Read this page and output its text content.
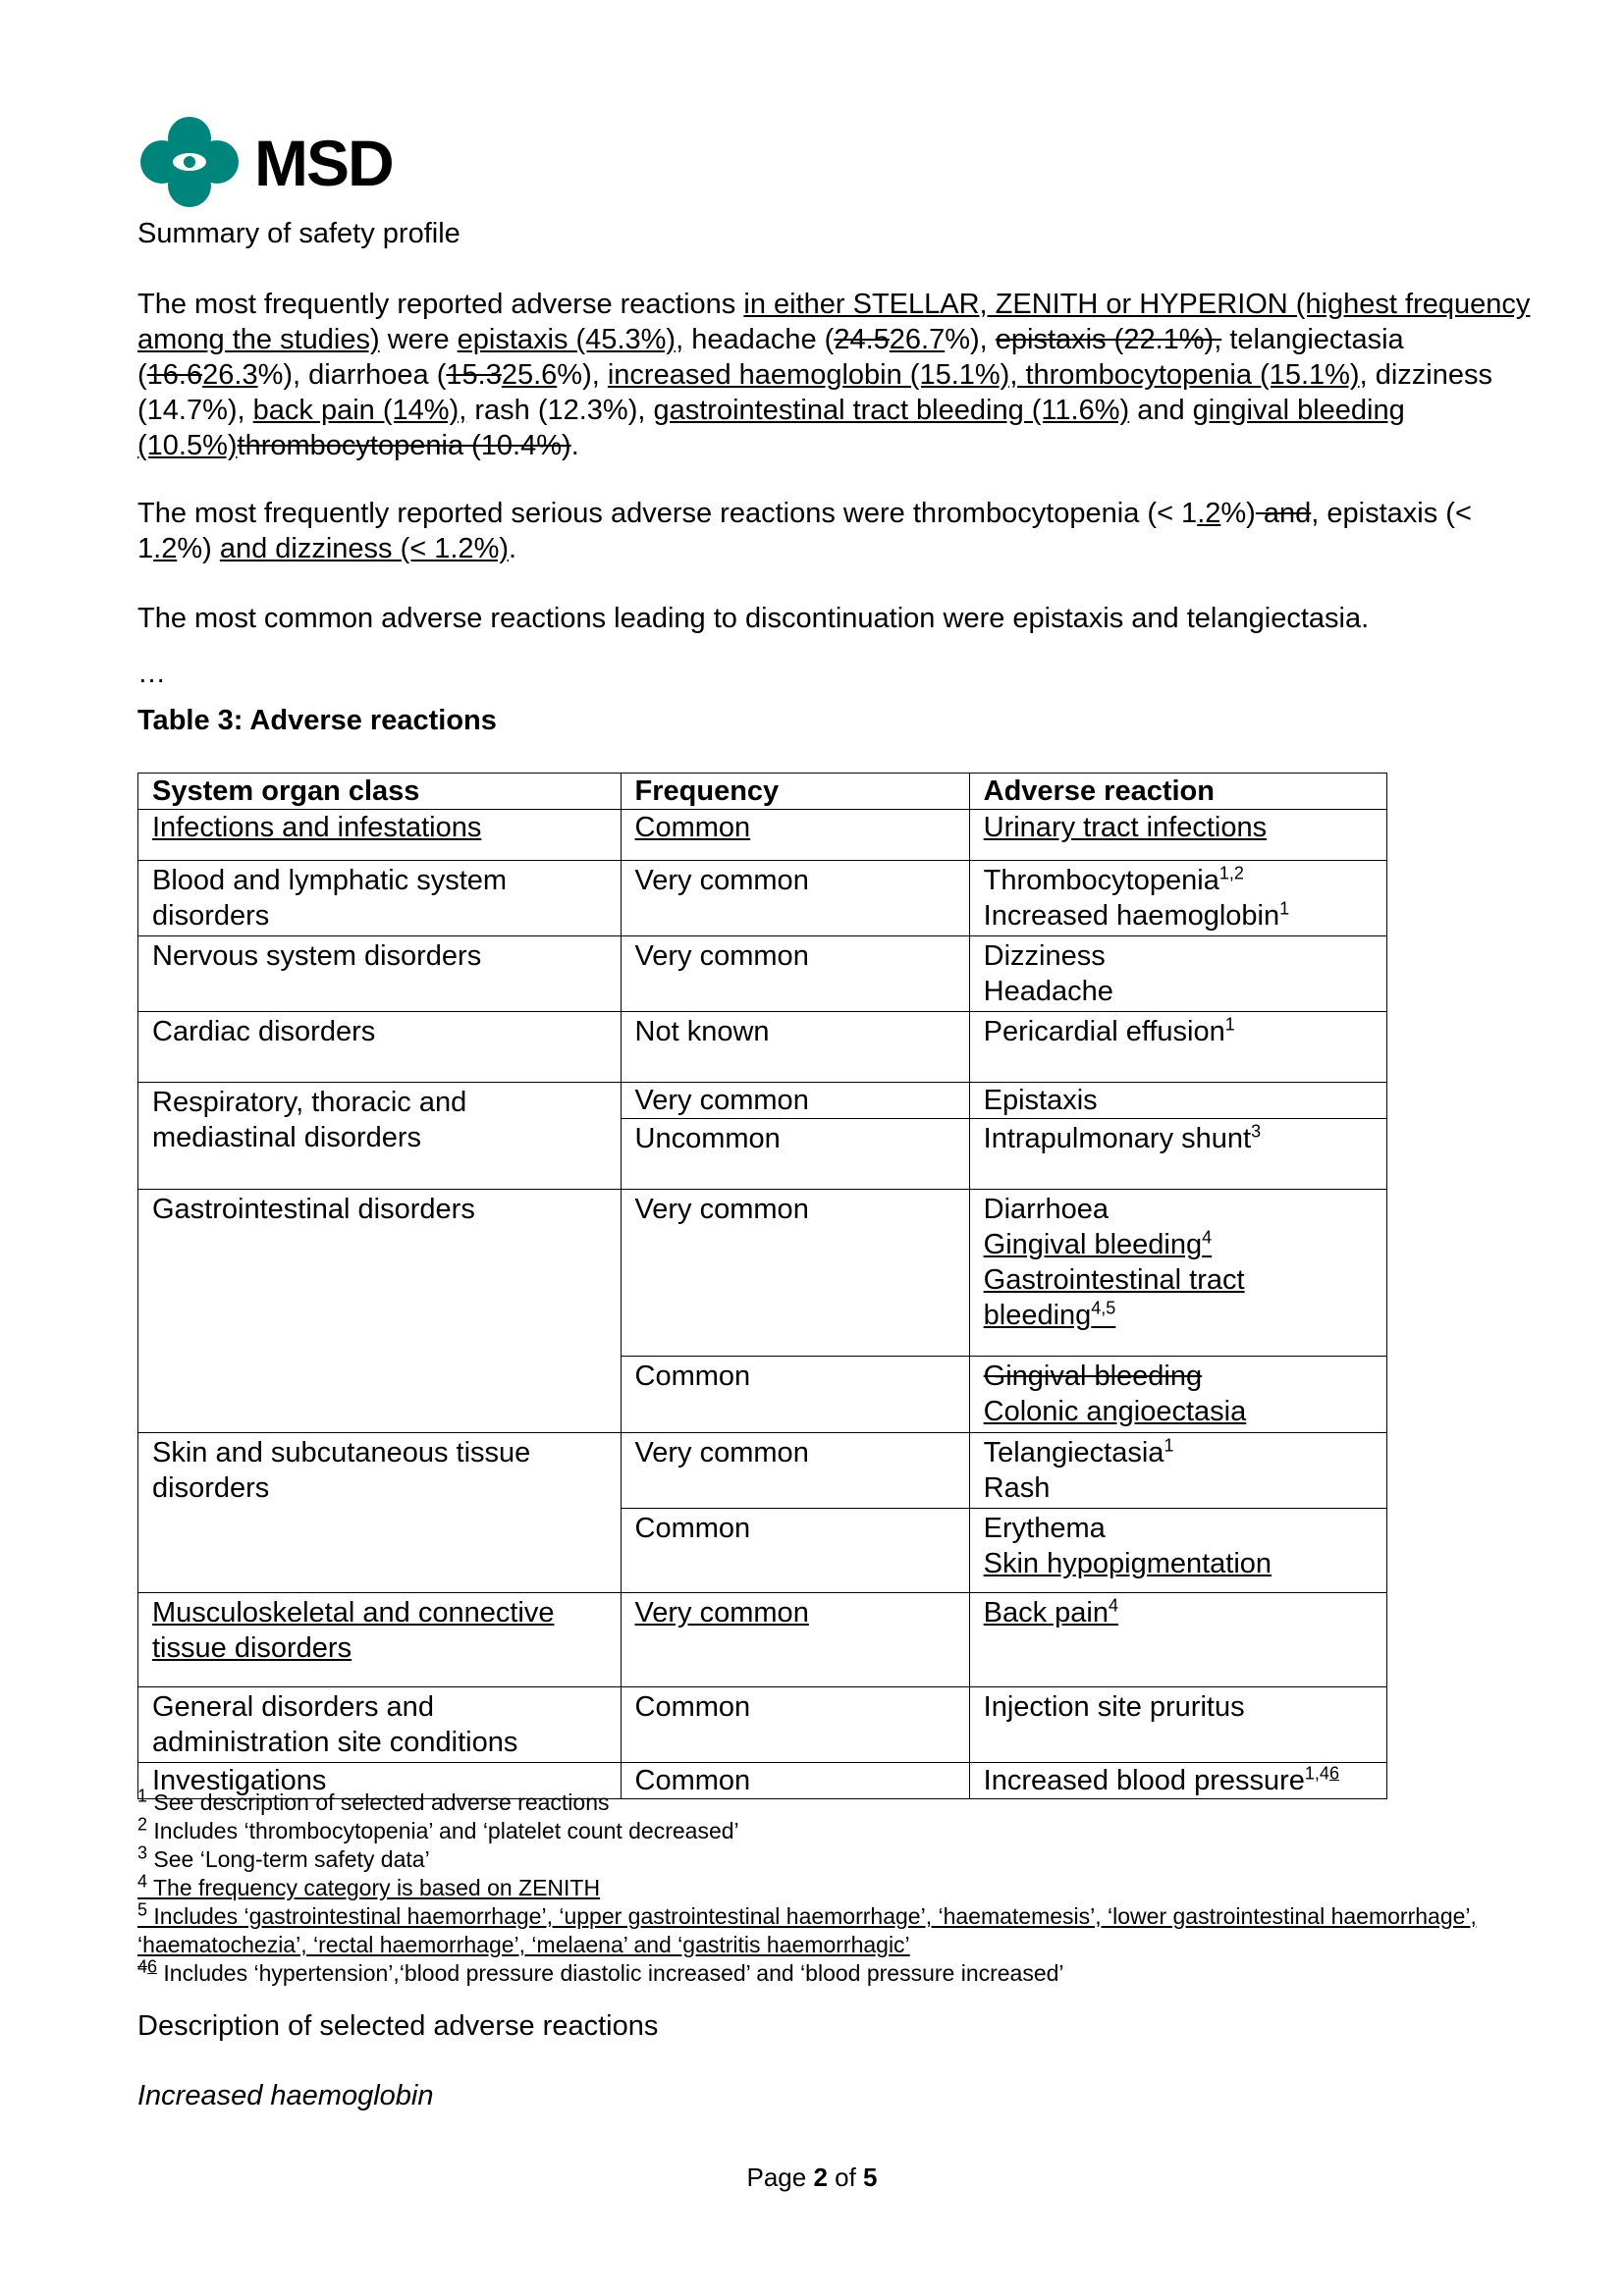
MSD
Summary of safety profile
The most frequently reported adverse reactions in either STELLAR, ZENITH or HYPERION (highest frequency among the studies) were epistaxis (45.3%), headache (24.526.7%), epistaxis (22.1%), telangiectasia (16.626.3%), diarrhoea (15.325.6%), increased haemoglobin (15.1%), thrombocytopenia (15.1%), dizziness (14.7%), back pain (14%), rash (12.3%), gastrointestinal tract bleeding (11.6%) and gingival bleeding (10.5%)thrombocytopenia (10.4%).
The most frequently reported serious adverse reactions were thrombocytopenia (< 1.2%) and, epistaxis (< 1.2%) and dizziness (< 1.2%).
The most common adverse reactions leading to discontinuation were epistaxis and telangiectasia.
…
Table 3: Adverse reactions
System organ class	Frequency	Adverse reaction
Infections and infestations	Common	Urinary tract infections
Blood and lymphatic system disorders	Very common	Thrombocytopenia$^{1,2}$
Increased haemoglobin$^1$

Nervous system disorders	Very common	Dizziness
Headache

Cardiac disorders	Not known	Pericardial effusion$^1$
Respiratory, thoracic and mediastinal disorders	Very common	Epistaxis
	Uncommon	Intrapulmonary shunt$^3$
Gastrointestinal disorders	Very common	Diarrhoea
Gingival bleeding$^4$
Gastrointestinal tract bleeding$^{4,5}$

	Common	Gingival bleeding
Colonic angioectasia

Skin and subcutaneous tissue disorders	Very common	Telangiectasia$^1$
Rash

	Common	Erythema
Skin hypopigmentation

Musculoskeletal and connective tissue disorders	Very common	Back pain$^4$
General disorders and administration site conditions	Common	Injection site pruritus
Investigations	Common	Increased blood pressure$^{1,46}$
$^1$ See description of selected adverse reactions
$^2$ Includes ‘thrombocytopenia’ and ‘platelet count decreased’
$^3$ See ‘Long-term safety data’
$^4$ The frequency category is based on ZENITH
$^5$ Includes ‘gastrointestinal haemorrhage’, ‘upper gastrointestinal haemorrhage’, ‘haematemesis’, ‘lower gastrointestinal haemorrhage’, ‘haematochezia’, ‘rectal haemorrhage’, ‘melaena’ and ‘gastritis haemorrhagic’
$^{46}$ Includes ‘hypertension’,‘blood pressure diastolic increased’ and ‘blood pressure increased’
Description of selected adverse reactions
Increased haemoglobin
Page 2 of 5
